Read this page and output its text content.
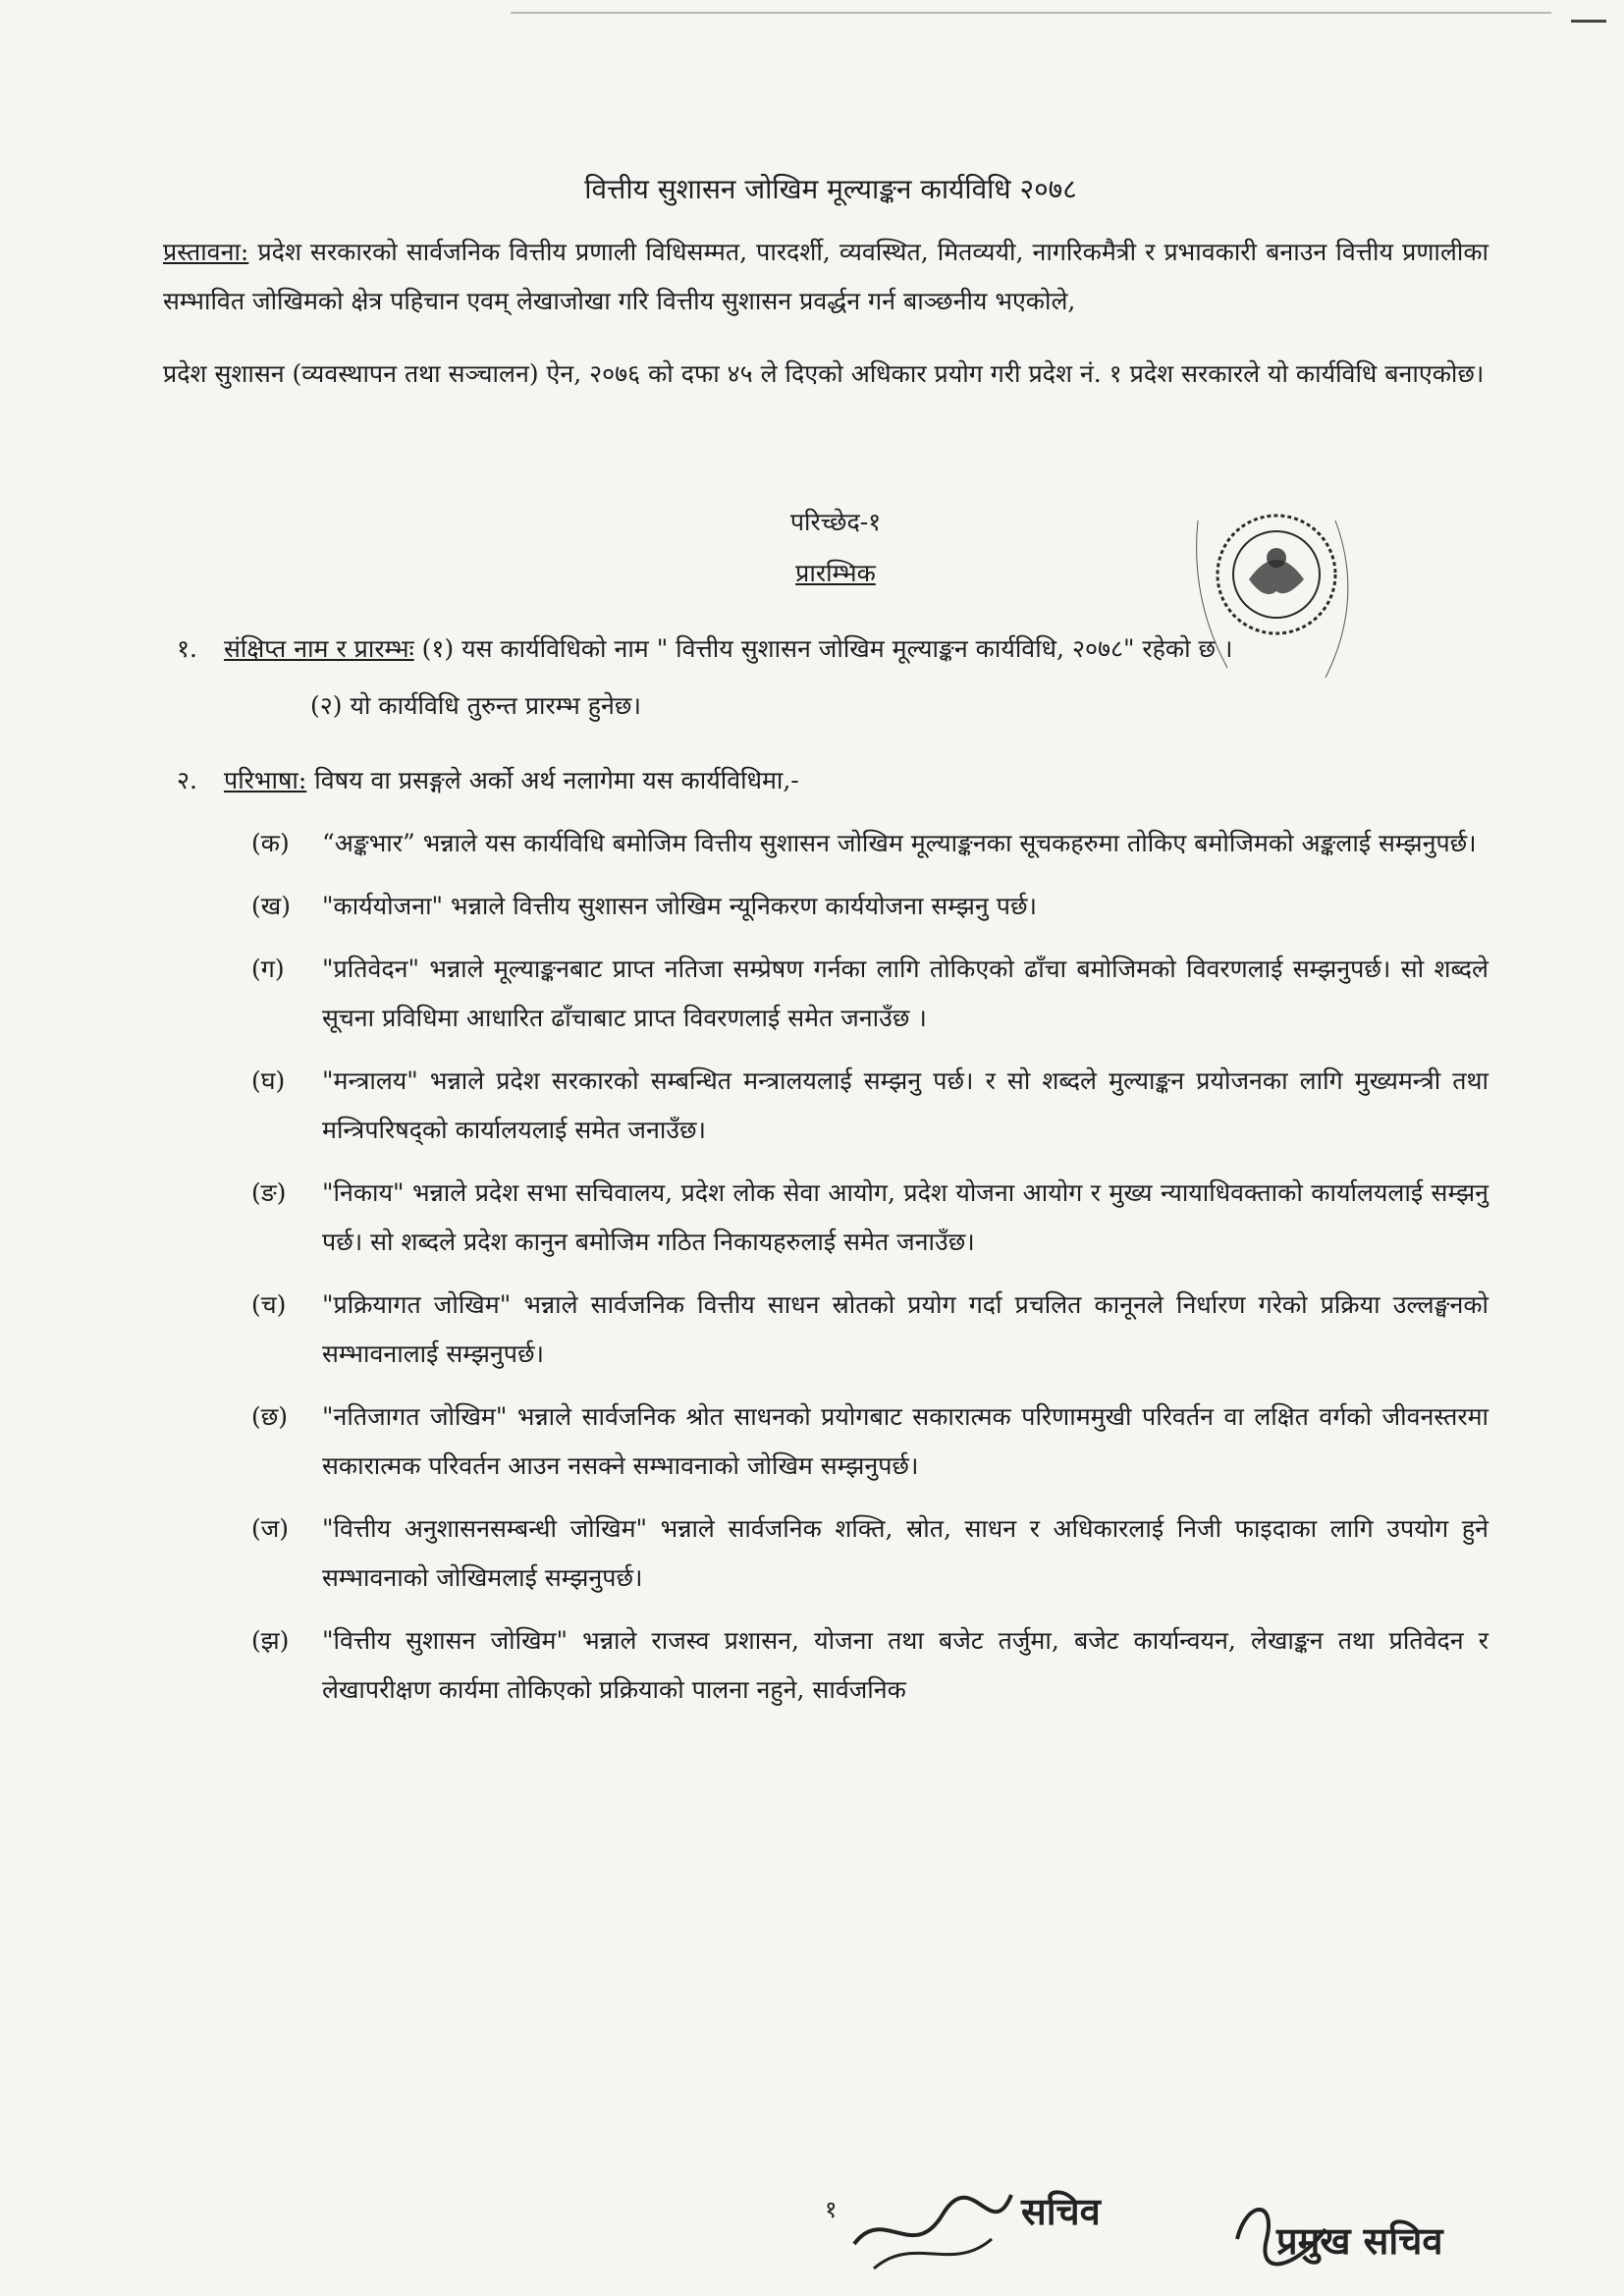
वित्तीय सुशासन जोखिम मूल्याङ्कन कार्यविधि २०७८

प्रस्तावना: प्रदेश सरकारको सार्वजनिक वित्तीय प्रणाली विधिसम्मत, पारदर्शी, व्यवस्थित, मितव्ययी, नागरिकमैत्री र प्रभावकारी बनाउन वित्तीय प्रणालीका सम्भावित जोखिमको क्षेत्र पहिचान एवम् लेखाजोखा गरि वित्तीय सुशासन प्रवर्द्धन गर्न बाञ्छनीय भएकोले,

प्रदेश सुशासन (व्यवस्थापन तथा सञ्चालन) ऐन, २०७६ को दफा ४५ ले दिएको अधिकार प्रयोग गरी प्रदेश नं. १ प्रदेश सरकारले यो कार्यविधि बनाएकोछ।

परिच्छेद-१
प्रारम्भिक
१.	संक्षिप्त नाम र प्रारम्भः (१) यस कार्यविधिको नाम " वित्तीय सुशासन जोखिम मूल्याङ्कन कार्यविधि, २०७८" रहेको छ ।
(२) यो कार्यविधि तुरुन्त प्रारम्भ हुनेछ।
२.	परिभाषा: विषय वा प्रसङ्गले अर्को अर्थ नलागेमा यस कार्यविधिमा,-
(क)	“अङ्कभार” भन्नाले यस कार्यविधि बमोजिम वित्तीय सुशासन जोखिम मूल्याङ्कनका सूचकहरुमा तोकिए बमोजिमको अङ्कलाई सम्झनुपर्छ।
(ख)	"कार्ययोजना" भन्नाले वित्तीय सुशासन जोखिम न्यूनिकरण कार्ययोजना सम्झनु पर्छ।
(ग)	"प्रतिवेदन" भन्नाले मूल्याङ्कनबाट प्राप्त नतिजा सम्प्रेषण गर्नका लागि तोकिएको ढाँचा बमोजिमको विवरणलाई सम्झनुपर्छ। सो शब्दले सूचना प्रविधिमा आधारित ढाँचाबाट प्राप्त विवरणलाई समेत जनाउँछ ।
(घ)	"मन्त्रालय" भन्नाले प्रदेश सरकारको सम्बन्धित मन्त्रालयलाई सम्झनु पर्छ। र सो शब्दले मुल्याङ्कन प्रयोजनका लागि मुख्यमन्त्री तथा मन्त्रिपरिषद्को कार्यालयलाई समेत जनाउँछ।
(ङ)	"निकाय" भन्नाले प्रदेश सभा सचिवालय, प्रदेश लोक सेवा आयोग, प्रदेश योजना आयोग र मुख्य न्यायाधिवक्ताको कार्यालयलाई सम्झनु पर्छ। सो शब्दले प्रदेश कानुन बमोजिम गठित निकायहरुलाई समेत जनाउँछ।
(च)	"प्रक्रियागत जोखिम" भन्नाले सार्वजनिक वित्तीय साधन स्रोतको प्रयोग गर्दा प्रचलित कानूनले निर्धारण गरेको प्रक्रिया उल्लङ्घनको सम्भावनालाई सम्झनुपर्छ।
(छ)	"नतिजागत जोखिम" भन्नाले सार्वजनिक श्रोत साधनको प्रयोगबाट सकारात्मक परिणाममुखी परिवर्तन वा लक्षित वर्गको जीवनस्तरमा सकारात्मक परिवर्तन आउन नसक्ने सम्भावनाको जोखिम सम्झनुपर्छ।
(ज)	"वित्तीय अनुशासनसम्बन्धी जोखिम" भन्नाले सार्वजनिक शक्ति, स्रोत, साधन र अधिकारलाई निजी फाइदाका लागि उपयोग हुने सम्भावनाको जोखिमलाई सम्झनुपर्छ।
(झ)	"वित्तीय सुशासन जोखिम" भन्नाले राजस्व प्रशासन, योजना तथा बजेट तर्जुमा, बजेट कार्यान्वयन, लेखाङ्कन तथा प्रतिवेदन र लेखापरीक्षण कार्यमा तोकिएको प्रक्रियाको पालना नहुने, सार्वजनिक
१	सचिव
प्रमुख सचिव
